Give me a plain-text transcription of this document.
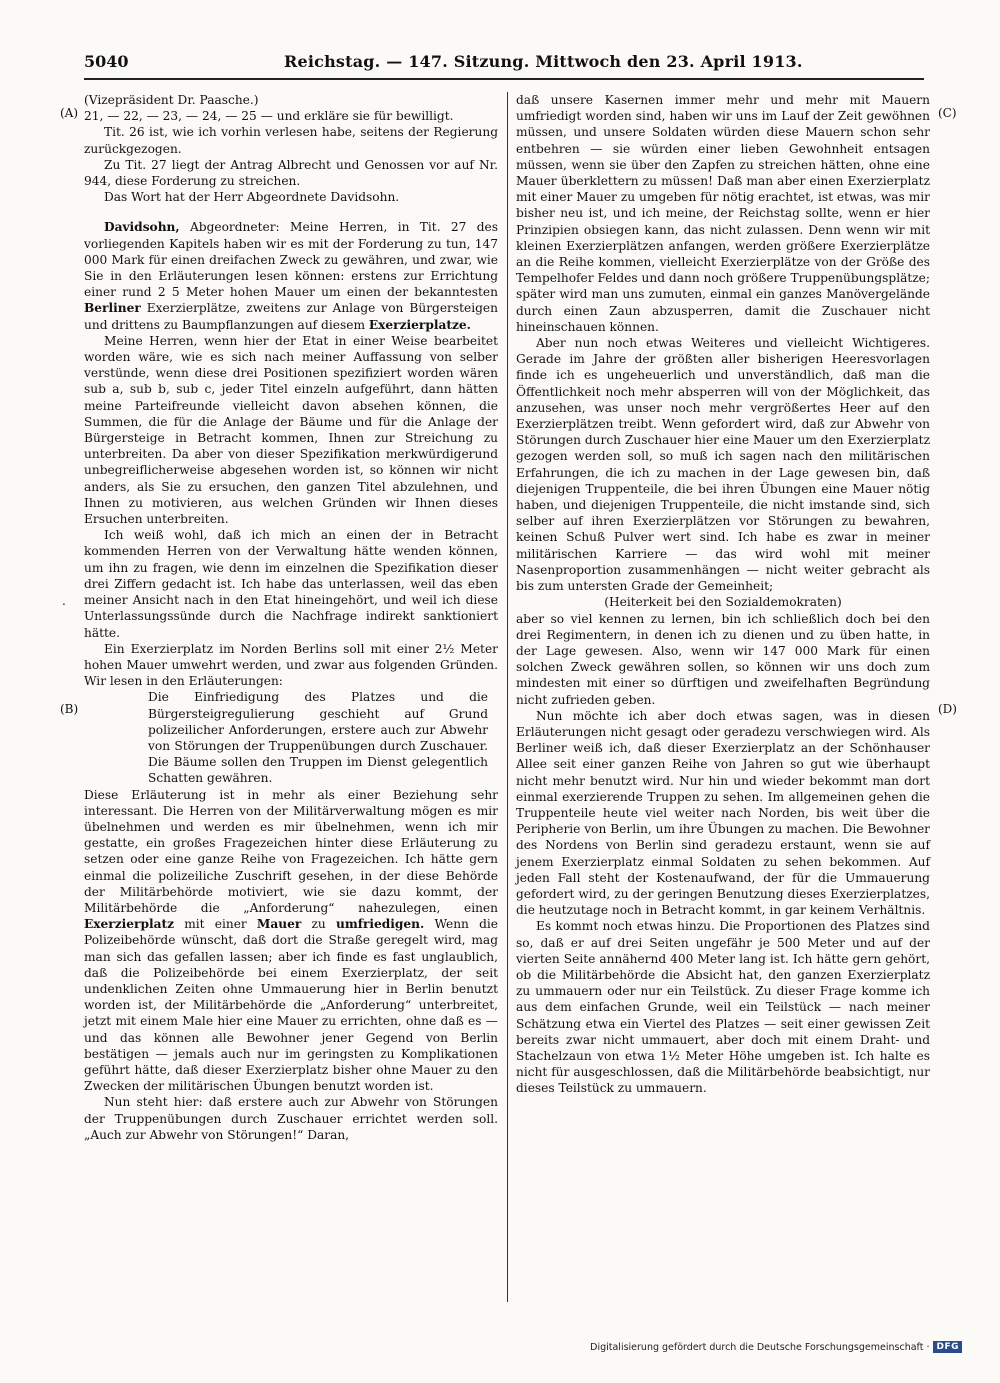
5040	Reichstag. — 147. Sitzung. Mittwoch den 23. April 1913.
(A)
(B)
(C)
(D)
.

(Vizepräsident Dr. Paasche.)

21, — 22, — 23, — 24, — 25 — und erkläre sie für bewilligt.

Tit. 26 ist, wie ich vorhin verlesen habe, seitens der Regierung zurückgezogen.

Zu Tit. 27 liegt der Antrag Albrecht und Genossen vor auf Nr. 944, diese Forderung zu streichen.

Das Wort hat der Herr Abgeordnete Davidsohn.

Davidsohn, Abgeordneter: Meine Herren, in Tit. 27 des vorliegenden Kapitels haben wir es mit der Forderung zu tun, 147 000 Mark für einen dreifachen Zweck zu gewähren, und zwar, wie Sie in den Erläuterungen lesen können: erstens zur Errichtung einer rund 2 5 Meter hohen Mauer um einen der bekanntesten Berliner Exerzierplätze, zweitens zur Anlage von Bürgersteigen und drittens zu Baumpflanzungen auf diesem Exerzierplatze.

Meine Herren, wenn hier der Etat in einer Weise bearbeitet worden wäre, wie es sich nach meiner Auffassung von selber verstünde, wenn diese drei Positionen spezifiziert worden wären sub a, sub b, sub c, jeder Titel einzeln aufgeführt, dann hätten meine Parteifreunde vielleicht davon absehen können, die Summen, die für die Anlage der Bäume und für die Anlage der Bürgersteige in Betracht kommen, Ihnen zur Streichung zu unterbreiten. Da aber von dieser Spezifikation merkwürdigerund unbegreiflicherweise abgesehen worden ist, so können wir nicht anders, als Sie zu ersuchen, den ganzen Titel abzulehnen, und Ihnen zu motivieren, aus welchen Gründen wir Ihnen dieses Ersuchen unterbreiten.

Ich weiß wohl, daß ich mich an einen der in Betracht kommenden Herren von der Verwaltung hätte wenden können, um ihn zu fragen, wie denn im einzelnen die Spezifikation dieser drei Ziffern gedacht ist. Ich habe das unterlassen, weil das eben meiner Ansicht nach in den Etat hineingehört, und weil ich diese Unterlassungssünde durch die Nachfrage indirekt sanktioniert hätte.

Ein Exerzierplatz im Norden Berlins soll mit einer 2½ Meter hohen Mauer umwehrt werden, und zwar aus folgenden Gründen. Wir lesen in den Erläuterungen:

Die Einfriedigung des Platzes und die Bürgersteigregulierung geschieht auf Grund polizeilicher Anforderungen, erstere auch zur Abwehr von Störungen der Truppenübungen durch Zuschauer. Die Bäume sollen den Truppen im Dienst gelegentlich Schatten gewähren.

Diese Erläuterung ist in mehr als einer Beziehung sehr interessant. Die Herren von der Militärverwaltung mögen es mir übelnehmen und werden es mir übelnehmen, wenn ich mir gestatte, ein großes Fragezeichen hinter diese Erläuterung zu setzen oder eine ganze Reihe von Fragezeichen. Ich hätte gern einmal die polizeiliche Zuschrift gesehen, in der diese Behörde der Militärbehörde motiviert, wie sie dazu kommt, der Militärbehörde die „Anforderung“ nahezulegen, einen Exerzierplatz mit einer Mauer zu umfriedigen. Wenn die Polizeibehörde wünscht, daß dort die Straße geregelt wird, mag man sich das gefallen lassen; aber ich finde es fast unglaublich, daß die Polizeibehörde bei einem Exerzierplatz, der seit undenklichen Zeiten ohne Ummauerung hier in Berlin benutzt worden ist, der Militärbehörde die „Anforderung“ unterbreitet, jetzt mit einem Male hier eine Mauer zu errichten, ohne daß es — und das können alle Bewohner jener Gegend von Berlin bestätigen — jemals auch nur im geringsten zu Komplikationen geführt hätte, daß dieser Exerzierplatz bisher ohne Mauer zu den Zwecken der militärischen Übungen benutzt worden ist.

Nun steht hier: daß erstere auch zur Abwehr von Störungen der Truppenübungen durch Zuschauer errichtet werden soll. „Auch zur Abwehr von Störungen!“ Daran,

daß unsere Kasernen immer mehr und mehr mit Mauern umfriedigt worden sind, haben wir uns im Lauf der Zeit gewöhnen müssen, und unsere Soldaten würden diese Mauern schon sehr entbehren — sie würden einer lieben Gewohnheit entsagen müssen, wenn sie über den Zapfen zu streichen hätten, ohne eine Mauer überklettern zu müssen! Daß man aber einen Exerzierplatz mit einer Mauer zu umgeben für nötig erachtet, ist etwas, was mir bisher neu ist, und ich meine, der Reichstag sollte, wenn er hier Prinzipien obsiegen kann, das nicht zulassen. Denn wenn wir mit kleinen Exerzierplätzen anfangen, werden größere Exerzierplätze an die Reihe kommen, vielleicht Exerzierplätze von der Größe des Tempelhofer Feldes und dann noch größere Truppenübungsplätze; später wird man uns zumuten, einmal ein ganzes Manövergelände durch einen Zaun abzusperren, damit die Zuschauer nicht hineinschauen können.

Aber nun noch etwas Weiteres und vielleicht Wichtigeres. Gerade im Jahre der größten aller bisherigen Heeresvorlagen finde ich es ungeheuerlich und unverständlich, daß man die Öffentlichkeit noch mehr absperren will von der Möglichkeit, das anzusehen, was unser noch mehr vergrößertes Heer auf den Exerzierplätzen treibt. Wenn gefordert wird, daß zur Abwehr von Störungen durch Zuschauer hier eine Mauer um den Exerzierplatz gezogen werden soll, so muß ich sagen nach den militärischen Erfahrungen, die ich zu machen in der Lage gewesen bin, daß diejenigen Truppenteile, die bei ihren Übungen eine Mauer nötig haben, und diejenigen Truppenteile, die nicht imstande sind, sich selber auf ihren Exerzierplätzen vor Störungen zu bewahren, keinen Schuß Pulver wert sind. Ich habe es zwar in meiner militärischen Karriere — das wird wohl mit meiner Nasenproportion zusammenhängen — nicht weiter gebracht als bis zum untersten Grade der Gemeinheit;

(Heiterkeit bei den Sozialdemokraten)

aber so viel kennen zu lernen, bin ich schließlich doch bei den drei Regimentern, in denen ich zu dienen und zu üben hatte, in der Lage gewesen. Also, wenn wir 147 000 Mark für einen solchen Zweck gewähren sollen, so können wir uns doch zum mindesten mit einer so dürftigen und zweifelhaften Begründung nicht zufrieden geben.

Nun möchte ich aber doch etwas sagen, was in diesen Erläuterungen nicht gesagt oder geradezu verschwiegen wird. Als Berliner weiß ich, daß dieser Exerzierplatz an der Schönhauser Allee seit einer ganzen Reihe von Jahren so gut wie überhaupt nicht mehr benutzt wird. Nur hin und wieder bekommt man dort einmal exerzierende Truppen zu sehen. Im allgemeinen gehen die Truppenteile heute viel weiter nach Norden, bis weit über die Peripherie von Berlin, um ihre Übungen zu machen. Die Bewohner des Nordens von Berlin sind geradezu erstaunt, wenn sie auf jenem Exerzierplatz einmal Soldaten zu sehen bekommen. Auf jeden Fall steht der Kostenaufwand, der für die Ummauerung gefordert wird, zu der geringen Benutzung dieses Exerzierplatzes, die heutzutage noch in Betracht kommt, in gar keinem Verhältnis.

Es kommt noch etwas hinzu. Die Proportionen des Platzes sind so, daß er auf drei Seiten ungefähr je 500 Meter und auf der vierten Seite annähernd 400 Meter lang ist. Ich hätte gern gehört, ob die Militärbehörde die Absicht hat, den ganzen Exerzierplatz zu ummauern oder nur ein Teilstück. Zu dieser Frage komme ich aus dem einfachen Grunde, weil ein Teilstück — nach meiner Schätzung etwa ein Viertel des Platzes — seit einer gewissen Zeit bereits zwar nicht ummauert, aber doch mit einem Draht- und Stachelzaun von etwa 1½ Meter Höhe umgeben ist. Ich halte es nicht für ausgeschlossen, daß die Militärbehörde beabsichtigt, nur dieses Teilstück zu ummauern.

Digitalisierung gefördert durch die Deutsche Forschungsgemeinschaft · DFG
